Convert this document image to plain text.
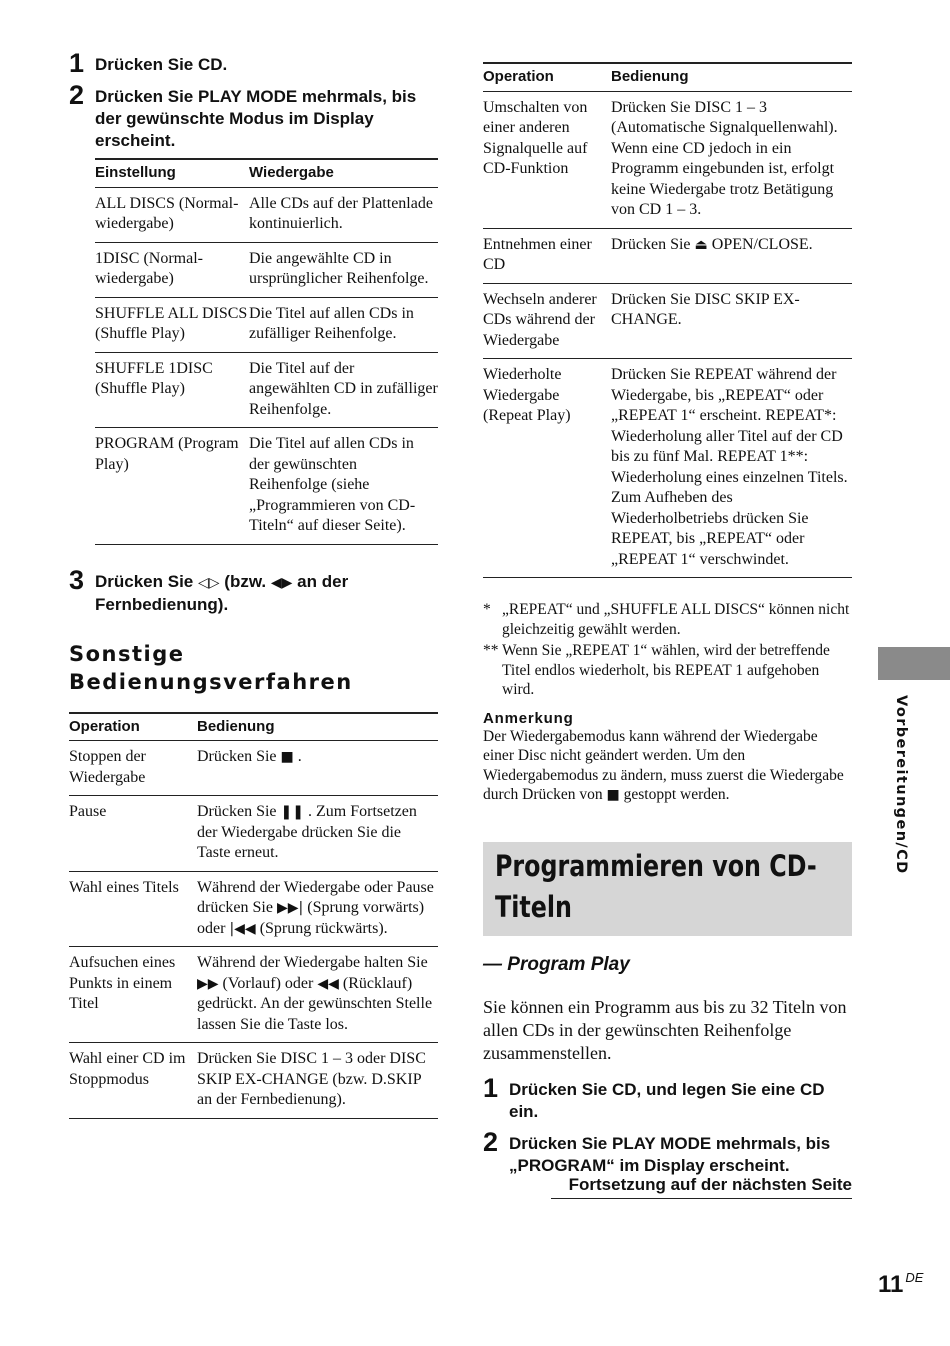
1 Drücken Sie CD.
2 Drücken Sie PLAY MODE mehrmals, bis der gewünschte Modus im Display erscheint.
Einstellung	Wiedergabe
ALL DISCS (Normal-wiedergabe)	Alle CDs auf der Plattenlade kontinuierlich.
1DISC (Normal-wiedergabe)	Die angewählte CD in ursprünglicher Reihenfolge.
SHUFFLE ALL DISCS (Shuffle Play)	Die Titel auf allen CDs in zufälliger Reihenfolge.
SHUFFLE 1DISC (Shuffle Play)	Die Titel auf der angewählten CD in zufälliger Reihenfolge.
PROGRAM (Program Play)	Die Titel auf allen CDs in der gewünschten Reihenfolge (siehe „Programmieren von CD-Titeln“ auf dieser Seite).
3 Drücken Sie ◁▷ (bzw. ◀▶ an der Fernbedienung).

Sonstige

Bedienungsverfahren

Operation	Bedienung
Stoppen der Wiedergabe	Drücken Sie ■ .
Pause	Drücken Sie ❚❚ . Zum Fortsetzen der Wiedergabe drücken Sie die Taste erneut.
Wahl eines Titels	Während der Wiedergabe oder Pause drücken Sie ▶▶| (Sprung vorwärts) oder |◀◀ (Sprung rückwärts).
Aufsuchen eines Punkts in einem Titel	Während der Wiedergabe halten Sie ▶▶ (Vorlauf) oder ◀◀ (Rücklauf) gedrückt. An der gewünschten Stelle lassen Sie die Taste los.
Wahl einer CD im Stoppmodus	Drücken Sie DISC 1 – 3 oder DISC SKIP EX-CHANGE (bzw. D.SKIP an der Fernbedienung).
Operation	Bedienung
Umschalten von einer anderen Signalquelle auf CD-Funktion	Drücken Sie DISC 1 – 3 (Automatische Signalquellenwahl). Wenn eine CD jedoch in ein Programm eingebunden ist, erfolgt keine Wiedergabe trotz Betätigung von CD 1 – 3.
Entnehmen einer CD	Drücken Sie ⏏ OPEN/CLOSE.
Wechseln anderer CDs während der Wiedergabe	Drücken Sie DISC SKIP EX-CHANGE.
Wiederholte Wiedergabe (Repeat Play)	Drücken Sie REPEAT während der Wiedergabe, bis „REPEAT“ oder „REPEAT 1“ erscheint. REPEAT*: Wiederholung aller Titel auf der CD bis zu fünf Mal. REPEAT 1**: Wiederholung eines einzelnen Titels. Zum Aufheben des Wiederholbetriebs drücken Sie REPEAT, bis „REPEAT“ oder „REPEAT 1“ verschwindet.
* „REPEAT“ und „SHUFFLE ALL DISCS“ können nicht gleichzeitig gewählt werden.
** Wenn Sie „REPEAT 1“ wählen, wird der betreffende Titel endlos wiederholt, bis REPEAT 1 aufgehoben wird.
Anmerkung
Der Wiedergabemodus kann während der Wiedergabe einer Disc nicht geändert werden. Um den Wiedergabemodus zu ändern, muss zuerst die Wiedergabe durch Drücken von ■ gestoppt werden.
Programmieren von CD-Titeln
— Program Play
Sie können ein Programm aus bis zu 32 Titeln von allen CDs in der gewünschten Reihenfolge zusammenstellen.
1 Drücken Sie CD, und legen Sie eine CD ein.
2 Drücken Sie PLAY MODE mehrmals, bis „PROGRAM“ im Display erscheint.
Fortsetzung auf der nächsten Seite
Vorbereitungen/CD
11 $^{DE}$
